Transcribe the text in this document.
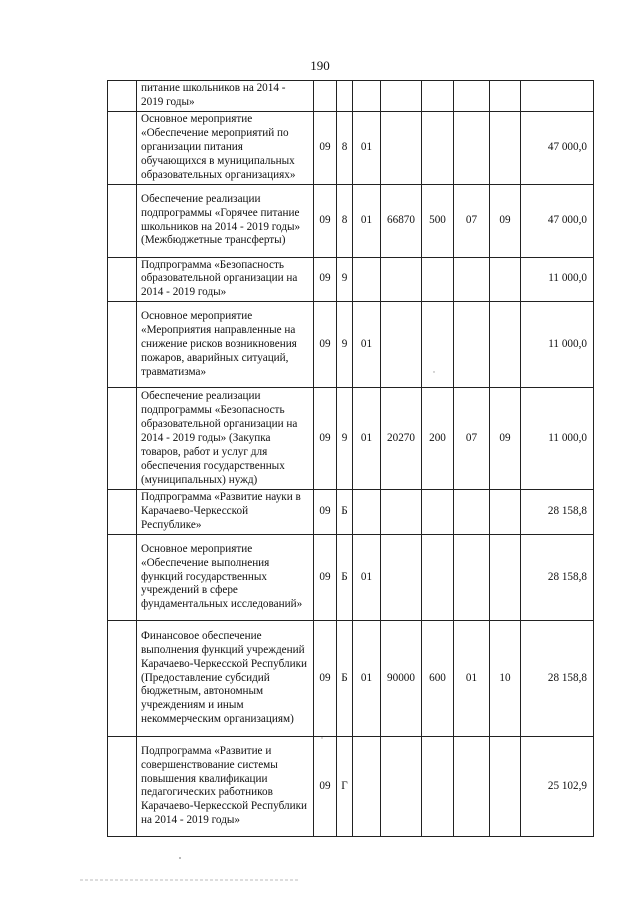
190
	питание школьников на 2014 - 2019 годы»								
	Основное мероприятие «Обеспечение мероприятий по организации питания обучающихся в муниципальных образовательных организациях»	09	8	01					47 000,0
	Обеспечение реализации подпрограммы «Горячее питание школьников на 2014 - 2019 годы» (Межбюджетные трансферты)	09	8	01	66870	500	07	09	47 000,0
	Подпрограмма «Безопасность образовательной организации на 2014 - 2019 годы»	09	9						11 000,0
	Основное мероприятие «Мероприятия направленные на снижение рисков возникновения пожаров, аварийных ситуаций, травматизма»	09	9	01					11 000,0
	Обеспечение реализации подпрограммы «Безопасность образовательной организации на 2014 - 2019 годы» (Закупка товаров, работ и услуг для обеспечения государственных (муниципальных) нужд)	09	9	01	20270	200	07	09	11 000,0
	Подпрограмма «Развитие науки в Карачаево-Черкесской Республике»	09	Б						28 158,8
	Основное мероприятие «Обеспечение выполнения функций государственных учреждений в сфере фундаментальных исследований»	09	Б	01					28 158,8
	Финансовое обеспечение выполнения функций учреждений Карачаево-Черкесской Республики (Предоставление субсидий бюджетным, автономным учреждениям и иным некоммерческим организациям)	09	Б	01	90000	600	01	10	28 158,8
	Подпрограмма «Развитие и совершенствование системы повышения квалификации педагогических работников Карачаево-Черкесской Республики на 2014 - 2019 годы»	09	Г						25 102,9
